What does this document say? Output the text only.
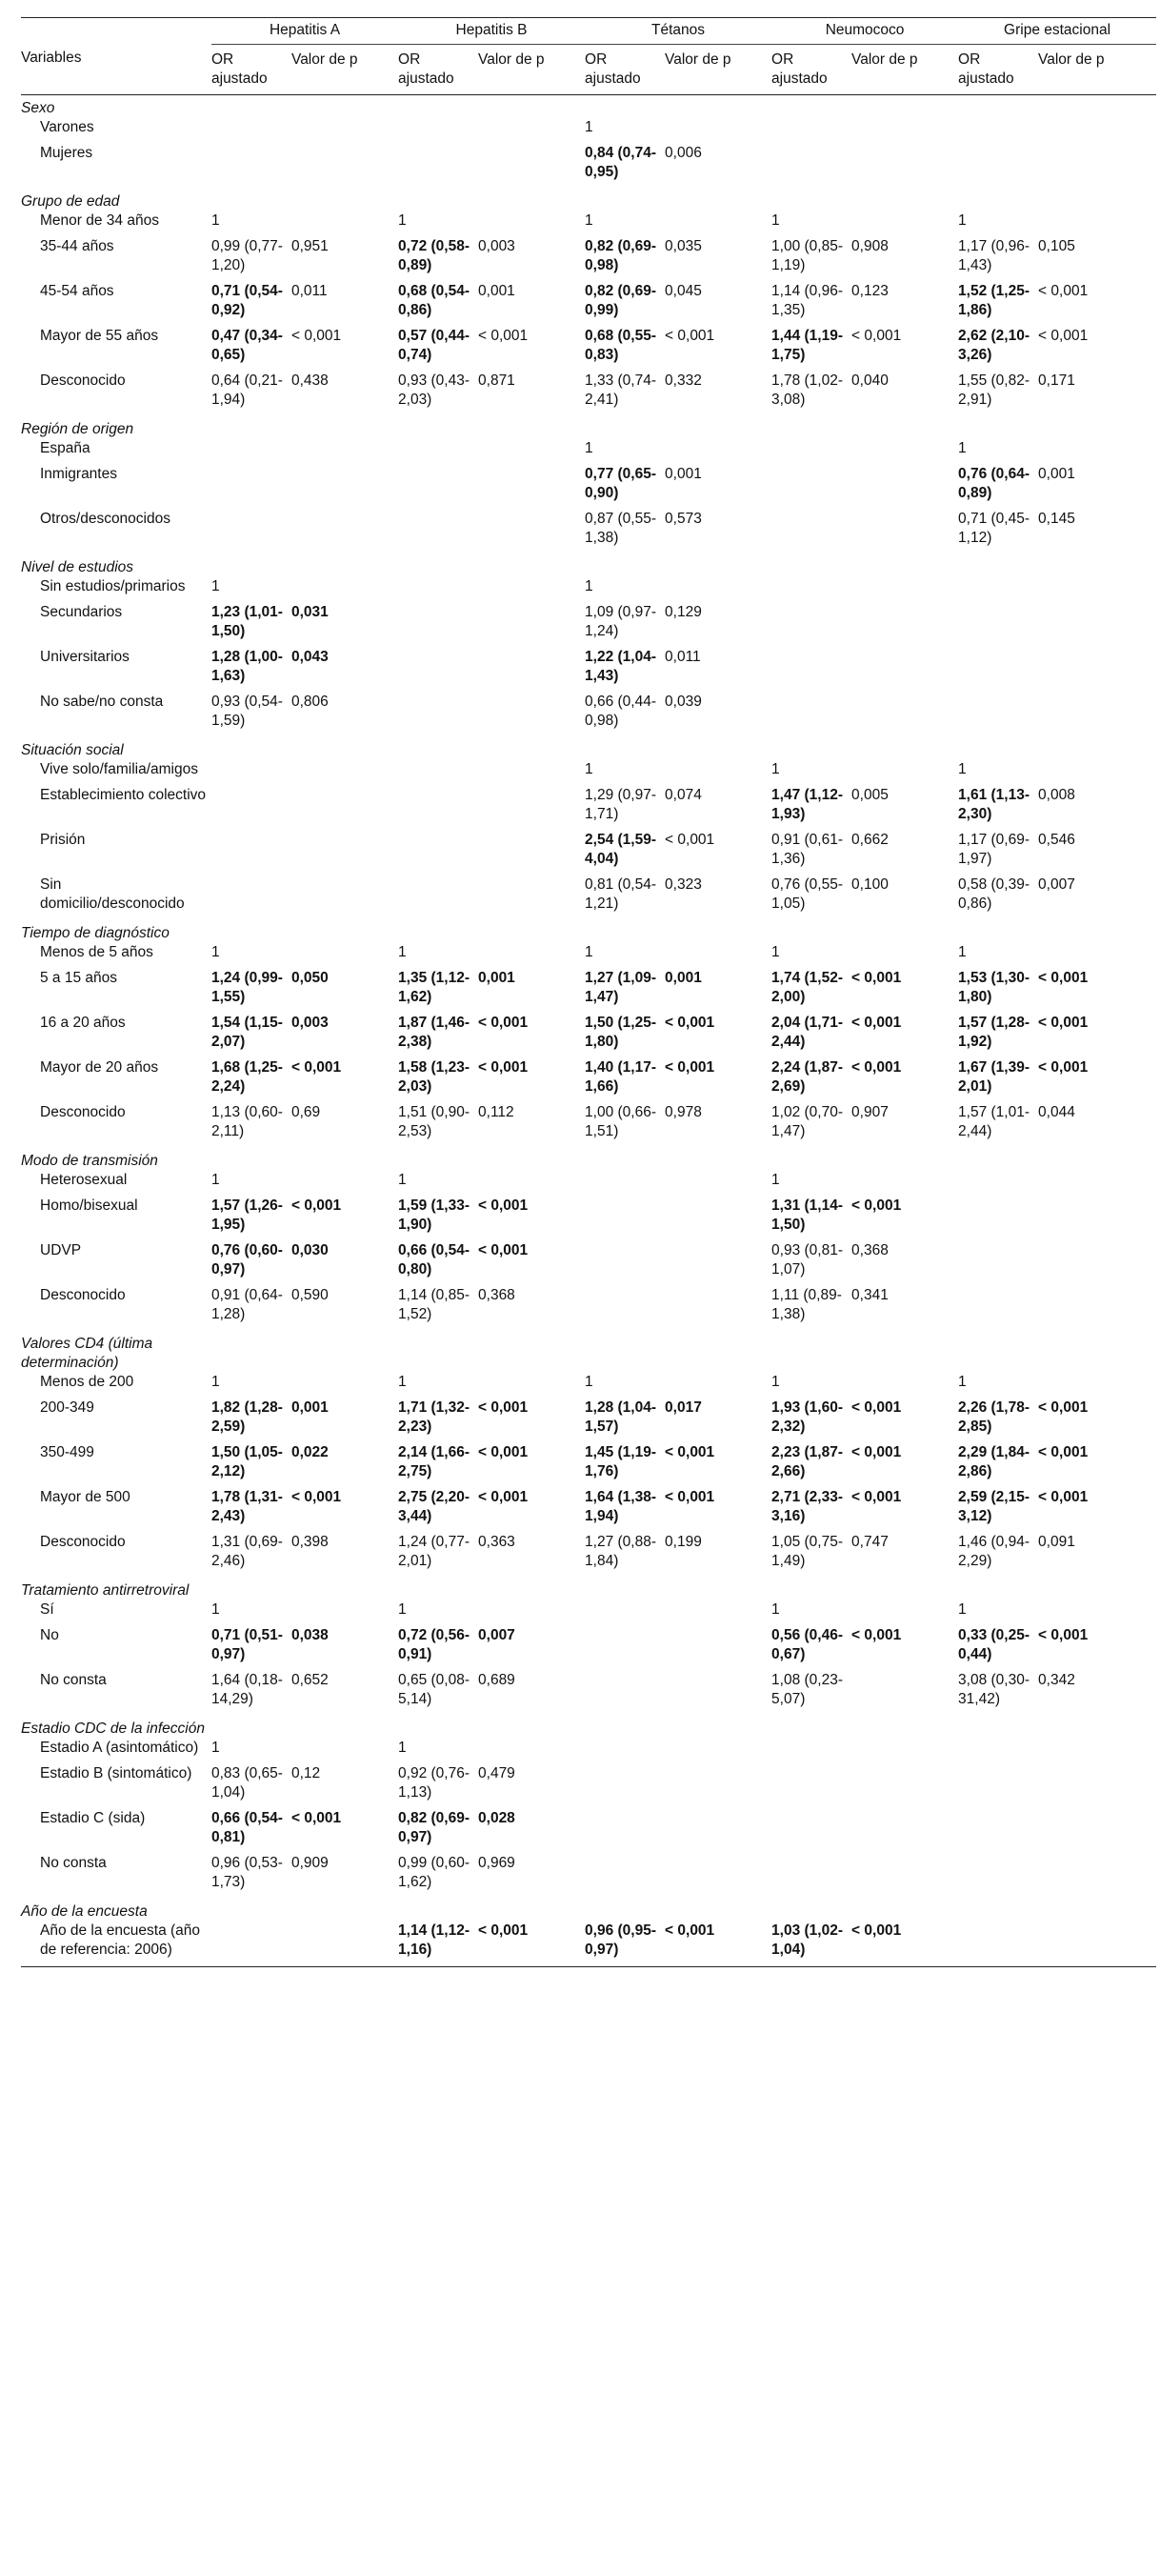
Variables	Hepatitis A		Hepatitis B		Tétanos		Neumococo		Gripe estacional	
	OR ajustado	Valor de p	OR ajustado	Valor de p	OR ajustado	Valor de p	OR ajustado	Valor de p	OR ajustado	Valor de p
Sexo										
Varones					1					
Mujeres					0,84 (0,74-0,95)	0,006				
Grupo de edad										
Menor de 34 años	1		1		1		1		1	
35-44 años	0,99 (0,77-1,20)	0,951	0,72 (0,58-0,89)	0,003	0,82 (0,69-0,98)	0,035	1,00 (0,85-1,19)	0,908	1,17 (0,96-1,43)	0,105
45-54 años	0,71 (0,54-0,92)	0,011	0,68 (0,54-0,86)	0,001	0,82 (0,69-0,99)	0,045	1,14 (0,96-1,35)	0,123	1,52 (1,25-1,86)	< 0,001
Mayor de 55 años	0,47 (0,34-0,65)	< 0,001	0,57 (0,44-0,74)	< 0,001	0,68 (0,55-0,83)	< 0,001	1,44 (1,19-1,75)	< 0,001	2,62 (2,10-3,26)	< 0,001
Desconocido	0,64 (0,21-1,94)	0,438	0,93 (0,43-2,03)	0,871	1,33 (0,74-2,41)	0,332	1,78 (1,02-3,08)	0,040	1,55 (0,82-2,91)	0,171
Región de origen										
España					1				1	
Inmigrantes					0,77 (0,65-0,90)	0,001			0,76 (0,64-0,89)	0,001
Otros/desconocidos					0,87 (0,55-1,38)	0,573			0,71 (0,45-1,12)	0,145
Nivel de estudios										
Sin estudios/primarios	1				1					
Secundarios	1,23 (1,01-1,50)	0,031			1,09 (0,97-1,24)	0,129				
Universitarios	1,28 (1,00-1,63)	0,043			1,22 (1,04-1,43)	0,011				
No sabe/no consta	0,93 (0,54-1,59)	0,806			0,66 (0,44-0,98)	0,039				
Situación social										
Vive solo/familia/amigos					1		1		1	
Establecimiento colectivo					1,29 (0,97-1,71)	0,074	1,47 (1,12-1,93)	0,005	1,61 (1,13-2,30)	0,008
Prisión					2,54 (1,59-4,04)	< 0,001	0,91 (0,61-1,36)	0,662	1,17 (0,69-1,97)	0,546
Sin domicilio/desconocido					0,81 (0,54-1,21)	0,323	0,76 (0,55-1,05)	0,100	0,58 (0,39-0,86)	0,007
Tiempo de diagnóstico										
Menos de 5 años	1		1		1		1		1	
5 a 15 años	1,24 (0,99-1,55)	0,050	1,35 (1,12-1,62)	0,001	1,27 (1,09-1,47)	0,001	1,74 (1,52-2,00)	< 0,001	1,53 (1,30-1,80)	< 0,001
16 a 20 años	1,54 (1,15-2,07)	0,003	1,87 (1,46-2,38)	< 0,001	1,50 (1,25-1,80)	< 0,001	2,04 (1,71-2,44)	< 0,001	1,57 (1,28-1,92)	< 0,001
Mayor de 20 años	1,68 (1,25-2,24)	< 0,001	1,58 (1,23-2,03)	< 0,001	1,40 (1,17-1,66)	< 0,001	2,24 (1,87-2,69)	< 0,001	1,67 (1,39-2,01)	< 0,001
Desconocido	1,13 (0,60-2,11)	0,69	1,51 (0,90-2,53)	0,112	1,00 (0,66-1,51)	0,978	1,02 (0,70-1,47)	0,907	1,57 (1,01-2,44)	0,044
Modo de transmisión										
Heterosexual	1		1				1			
Homo/bisexual	1,57 (1,26-1,95)	< 0,001	1,59 (1,33-1,90)	< 0,001			1,31 (1,14-1,50)	< 0,001		
UDVP	0,76 (0,60-0,97)	0,030	0,66 (0,54-0,80)	< 0,001			0,93 (0,81-1,07)	0,368		
Desconocido	0,91 (0,64-1,28)	0,590	1,14 (0,85-1,52)	0,368			1,11 (0,89-1,38)	0,341		
Valores CD4 (última determinación)										
Menos de 200	1		1		1		1		1	
200-349	1,82 (1,28-2,59)	0,001	1,71 (1,32-2,23)	< 0,001	1,28 (1,04-1,57)	0,017	1,93 (1,60-2,32)	< 0,001	2,26 (1,78-2,85)	< 0,001
350-499	1,50 (1,05-2,12)	0,022	2,14 (1,66-2,75)	< 0,001	1,45 (1,19-1,76)	< 0,001	2,23 (1,87-2,66)	< 0,001	2,29 (1,84-2,86)	< 0,001
Mayor de 500	1,78 (1,31-2,43)	< 0,001	2,75 (2,20-3,44)	< 0,001	1,64 (1,38-1,94)	< 0,001	2,71 (2,33-3,16)	< 0,001	2,59 (2,15-3,12)	< 0,001
Desconocido	1,31 (0,69-2,46)	0,398	1,24 (0,77-2,01)	0,363	1,27 (0,88-1,84)	0,199	1,05 (0,75-1,49)	0,747	1,46 (0,94-2,29)	0,091
Tratamiento antirretroviral										
Sí	1		1				1		1	
No	0,71 (0,51-0,97)	0,038	0,72 (0,56-0,91)	0,007			0,56 (0,46-0,67)	< 0,001	0,33 (0,25-0,44)	< 0,001
No consta	1,64 (0,18-14,29)	0,652	0,65 (0,08-5,14)	0,689			1,08 (0,23-5,07)		3,08 (0,30-31,42)	0,342
Estadio CDC de la infección										
Estadio A (asintomático)	1		1							
Estadio B (sintomático)	0,83 (0,65-1,04)	0,12	0,92 (0,76-1,13)	0,479						
Estadio C (sida)	0,66 (0,54-0,81)	< 0,001	0,82 (0,69-0,97)	0,028						
No consta	0,96 (0,53-1,73)	0,909	0,99 (0,60-1,62)	0,969						
Año de la encuesta										
Año de la encuesta (año de referencia: 2006)			1,14 (1,12-1,16)	< 0,001	0,96 (0,95-0,97)	< 0,001	1,03 (1,02-1,04)	< 0,001		
